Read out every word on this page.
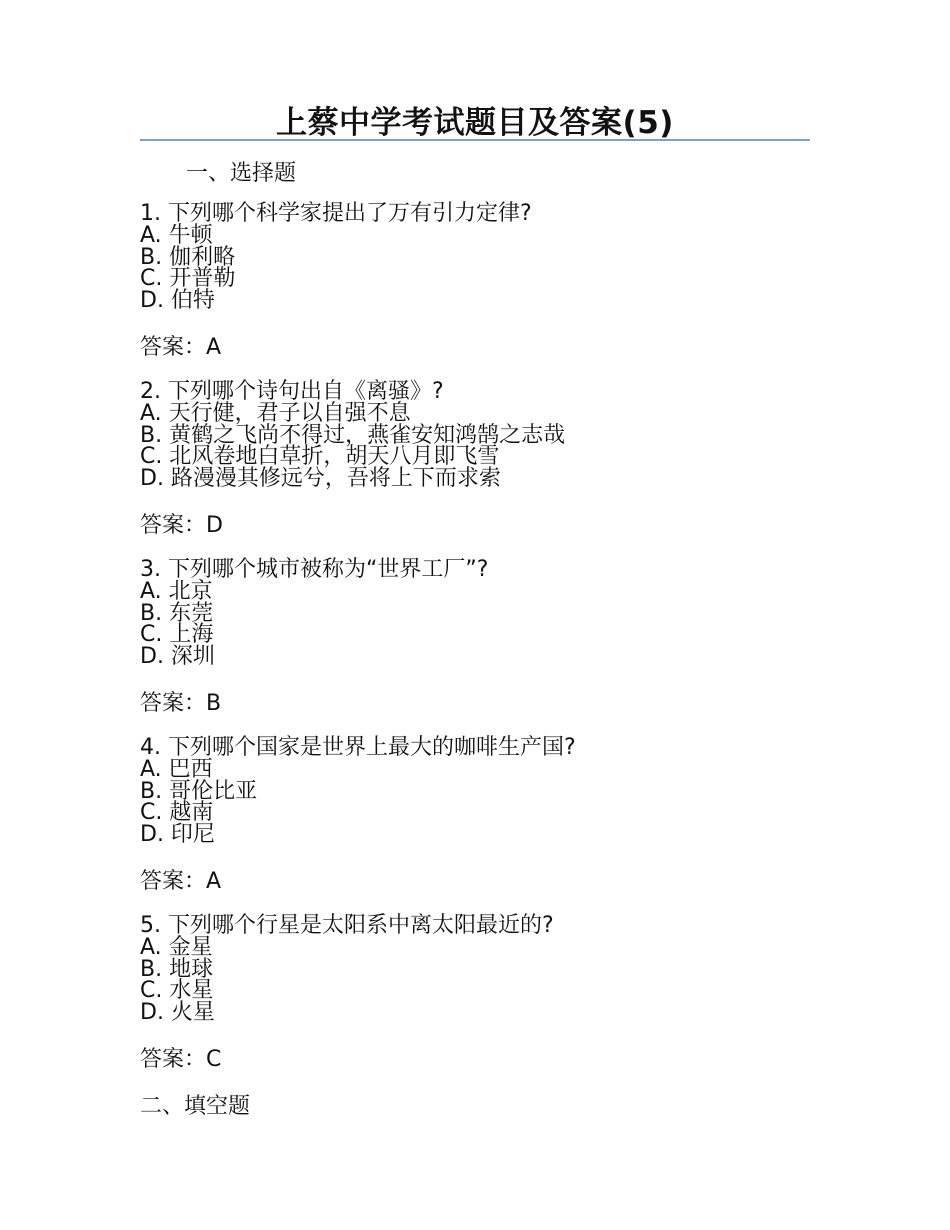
上蔡中学考试题目及答案(5)
一、选择题

1. 下列哪个科学家提出了万有引力定律?

A. 牛顿

B. 伽利略

C. 开普勒

D. 伯特

答案：A

2. 下列哪个诗句出自《离骚》?

A. 天行健，君子以自强不息

B. 黄鹤之飞尚不得过，燕雀安知鸿鹄之志哉

C. 北风卷地白草折，胡天八月即飞雪

D. 路漫漫其修远兮，吾将上下而求索

答案：D

3. 下列哪个城市被称为“世界工厂”?

A. 北京

B. 东莞

C. 上海

D. 深圳

答案：B

4. 下列哪个国家是世界上最大的咖啡生产国?

A. 巴西

B. 哥伦比亚

C. 越南

D. 印尼

答案：A

5. 下列哪个行星是太阳系中离太阳最近的?

A. 金星

B. 地球

C. 水星

D. 火星

答案：C

二、填空题
